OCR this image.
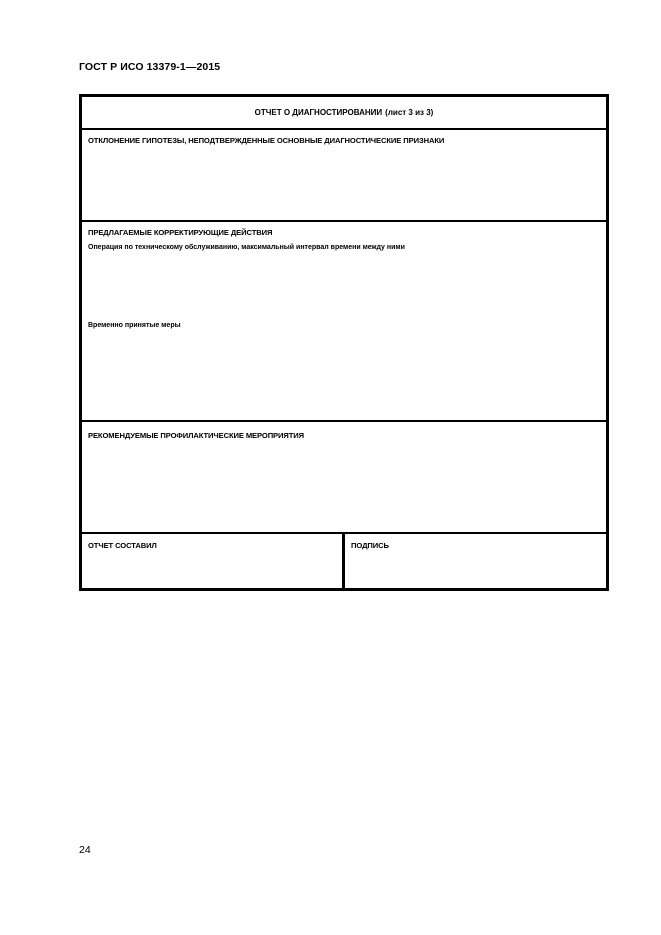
ГОСТ Р ИСО 13379-1—2015
ОТЧЕТ О ДИАГНОСТИРОВАНИИ (лист 3 из 3)
ОТКЛОНЕНИЕ ГИПОТЕЗЫ, НЕПОДТВЕРЖДЕННЫЕ ОСНОВНЫЕ ДИАГНОСТИЧЕСКИЕ ПРИЗНАКИ
ПРЕДЛАГАЕМЫЕ КОРРЕКТИРУЮЩИЕ ДЕЙСТВИЯ
Операция по техническому обслуживанию, максимальный интервал времени между ними
Временно принятые меры
РЕКОМЕНДУЕМЫЕ ПРОФИЛАКТИЧЕСКИЕ МЕРОПРИЯТИЯ
ОТЧЕТ СОСТАВИЛ	ПОДПИСЬ
24
